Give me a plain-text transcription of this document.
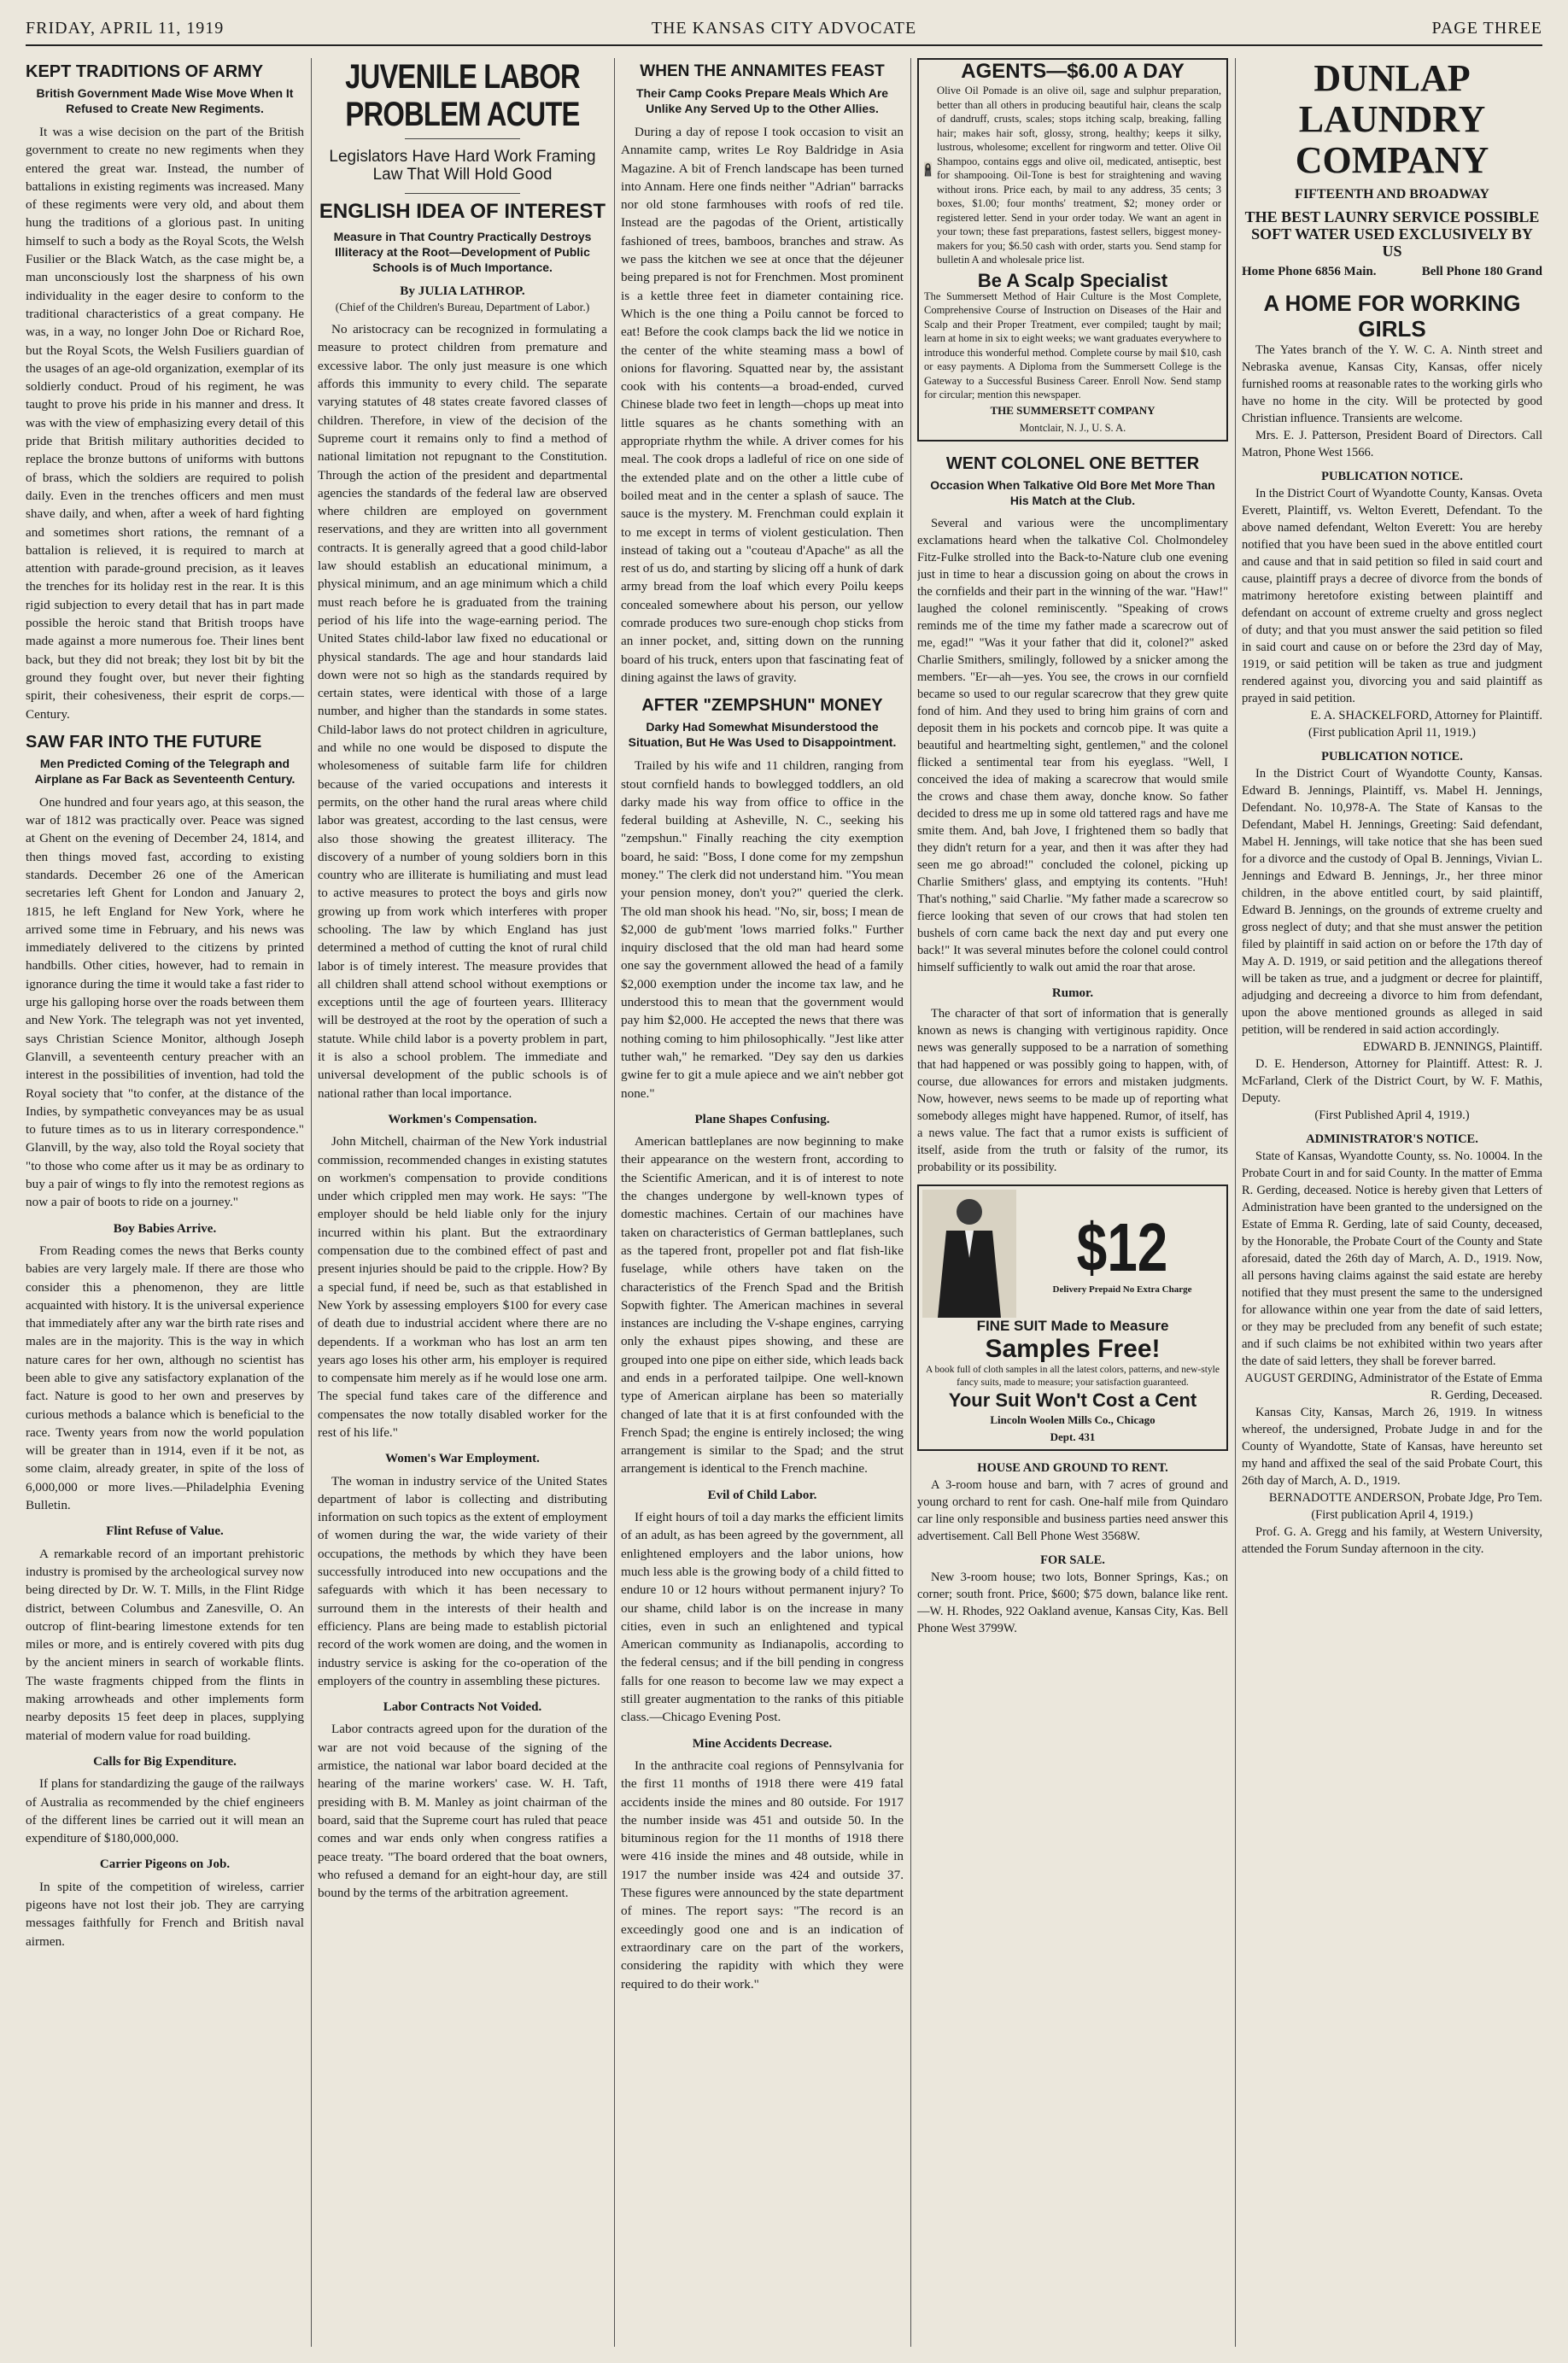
FRIDAY, APRIL 11, 1919	THE KANSAS CITY ADVOCATE	PAGE THREE
KEPT TRADITIONS OF ARMY
British Government Made Wise Move When It Refused to Create New Regiments.

It was a wise decision on the part of the British government to create no new regiments when they entered the great war. Instead, the number of battalions in existing regiments was increased. Many of these regiments were very old, and about them hung the traditions of a glorious past. In uniting himself to such a body as the Royal Scots, the Welsh Fusilier or the Black Watch, as the case might be, a man unconsciously lost the sharpness of his own individuality in the eager desire to conform to the traditional characteristics of a great company. He was, in a way, no longer John Doe or Richard Roe, but the Royal Scots, the Welsh Fusiliers guardian of the usages of an age-old organization, exemplar of its soldierly conduct. Proud of his regiment, he was taught to prove his pride in his manner and dress. It was with the view of emphasizing every detail of this pride that British military authorities decided to replace the bronze buttons of uniforms with buttons of brass, which the soldiers are required to polish daily. Even in the trenches officers and men must shave daily, and when, after a week of hard fighting and sometimes short rations, the remnant of a battalion is relieved, it is required to march at attention with parade-ground precision, as it leaves the trenches for its holiday rest in the rear. It is this rigid subjection to every detail that has in part made possible the heroic stand that British troops have made against a more numerous foe. Their lines bent back, but they did not break; they lost bit by bit the ground they fought over, but never their fighting spirit, their cohesiveness, their esprit de corps.—Century.

SAW FAR INTO THE FUTURE
Men Predicted Coming of the Telegraph and Airplane as Far Back as Seventeenth Century.

One hundred and four years ago, at this season, the war of 1812 was practically over. Peace was signed at Ghent on the evening of December 24, 1814, and then things moved fast, according to existing standards. December 26 one of the American secretaries left Ghent for London and January 2, 1815, he left England for New York, where he arrived some time in February, and his news was immediately delivered to the citizens by printed handbills. Other cities, however, had to remain in ignorance during the time it would take a fast rider to urge his galloping horse over the roads between them and New York. The telegraph was not yet invented, says Christian Science Monitor, although Joseph Glanvill, a seventeenth century preacher with an interest in the possibilities of invention, had told the Royal society that "to confer, at the distance of the Indies, by sympathetic conveyances may be as usual to future times as to us in literary correspondence." Glanvill, by the way, also told the Royal society that "to those who come after us it may be as ordinary to buy a pair of wings to fly into the remotest regions as now a pair of boots to ride on a journey."

Boy Babies Arrive.

From Reading comes the news that Berks county babies are very largely male. If there are those who consider this a phenomenon, they are little acquainted with history. It is the universal experience that immediately after any war the birth rate rises and males are in the majority. This is the way in which nature cares for her own, although no scientist has been able to give any satisfactory explanation of the fact. Nature is good to her own and preserves by curious methods a balance which is beneficial to the race. Twenty years from now the world population will be greater than in 1914, even if it be not, as some claim, already greater, in spite of the loss of 6,000,000 or more lives.—Philadelphia Evening Bulletin.

Flint Refuse of Value.

A remarkable record of an important prehistoric industry is promised by the archeological survey now being directed by Dr. W. T. Mills, in the Flint Ridge district, between Columbus and Zanesville, O. An outcrop of flint-bearing limestone extends for ten miles or more, and is entirely covered with pits dug by the ancient miners in search of workable flints. The waste fragments chipped from the flints in making arrowheads and other implements form nearby deposits 15 feet deep in places, supplying material of modern value for road building.

Calls for Big Expenditure.

If plans for standardizing the gauge of the railways of Australia as recommended by the chief engineers of the different lines be carried out it will mean an expenditure of $180,000,000.

Carrier Pigeons on Job.

In spite of the competition of wireless, carrier pigeons have not lost their job. They are carrying messages faithfully for French and British naval airmen.

JUVENILE LABOR PROBLEM ACUTE
Legislators Have Hard Work Framing Law That Will Hold Good
ENGLISH IDEA OF INTEREST
Measure in That Country Practically Destroys Illiteracy at the Root—Development of Public Schools is of Much Importance.
By JULIA LATHROP.
(Chief of the Children's Bureau, Department of Labor.)

No aristocracy can be recognized in formulating a measure to protect children from premature and excessive labor. The only just measure is one which affords this immunity to every child. The separate varying statutes of 48 states create favored classes of children. Therefore, in view of the decision of the Supreme court it remains only to find a method of national limitation not repugnant to the Constitution. Through the action of the president and departmental agencies the standards of the federal law are observed where children are employed on government reservations, and they are written into all government contracts. It is generally agreed that a good child-labor law should establish an educational minimum, a physical minimum, and an age minimum which a child must reach before he is graduated from the training period of his life into the wage-earning period. The United States child-labor law fixed no educational or physical standards. The age and hour standards laid down were not so high as the standards required by certain states, were identical with those of a large number, and higher than the standards in some states. Child-labor laws do not protect children in agriculture, and while no one would be disposed to dispute the wholesomeness of suitable farm life for children because of the varied occupations and interests it permits, on the other hand the rural areas where child labor was greatest, according to the last census, were also those showing the greatest illiteracy. The discovery of a number of young soldiers born in this country who are illiterate is humiliating and must lead to active measures to protect the boys and girls now growing up from work which interferes with proper schooling. The law by which England has just determined a method of cutting the knot of rural child labor is of timely interest. The measure provides that all children shall attend school without exemptions or exceptions until the age of fourteen years. Illiteracy will be destroyed at the root by the operation of such a statute. While child labor is a poverty problem in part, it is also a school problem. The immediate and universal development of the public schools is of national rather than local importance.

Workmen's Compensation.

John Mitchell, chairman of the New York industrial commission, recommended changes in existing statutes on workmen's compensation to provide conditions under which crippled men may work. He says: "The employer should be held liable only for the injury incurred within his plant. But the extraordinary compensation due to the combined effect of past and present injuries should be paid to the cripple. How? By a special fund, if need be, such as that established in New York by assessing employers $100 for every case of death due to industrial accident where there are no dependents. If a workman who has lost an arm ten years ago loses his other arm, his employer is required to compensate him merely as if he would lose one arm. The special fund takes care of the difference and compensates the now totally disabled worker for the rest of his life."

Women's War Employment.

The woman in industry service of the United States department of labor is collecting and distributing information on such topics as the extent of employment of women during the war, the wide variety of their occupations, the methods by which they have been successfully introduced into new occupations and the safeguards with which it has been necessary to surround them in the interests of their health and efficiency. Plans are being made to establish pictorial record of the work women are doing, and the women in industry service is asking for the co-operation of the employers of the country in assembling these pictures.

Labor Contracts Not Voided.

Labor contracts agreed upon for the duration of the war are not void because of the signing of the armistice, the national war labor board decided at the hearing of the marine workers' case. W. H. Taft, presiding with B. M. Manley as joint chairman of the board, said that the Supreme court has ruled that peace comes and war ends only when congress ratifies a peace treaty. "The board ordered that the boat owners, who refused a demand for an eight-hour day, are still bound by the terms of the arbitration agreement.

WHEN THE ANNAMITES FEAST
Their Camp Cooks Prepare Meals Which Are Unlike Any Served Up to the Other Allies.

During a day of repose I took occasion to visit an Annamite camp, writes Le Roy Baldridge in Asia Magazine. A bit of French landscape has been turned into Annam. Here one finds neither "Adrian" barracks nor old stone farmhouses with roofs of red tile. Instead are the pagodas of the Orient, artistically fashioned of trees, bamboos, branches and straw. As we pass the kitchen we see at once that the déjeuner being prepared is not for Frenchmen. Most prominent is a kettle three feet in diameter containing rice. Which is the one thing a Poilu cannot be forced to eat! Before the cook clamps back the lid we notice in the center of the white steaming mass a bowl of onions for flavoring. Squatted near by, the assistant cook with his contents—a broad-ended, curved Chinese blade two feet in length—chops up meat into little squares as he chants something with an appropriate rhythm the while. A driver comes for his meal. The cook drops a ladleful of rice on one side of the extended plate and on the other a little cube of boiled meat and in the center a splash of sauce. The sauce is the mystery. M. Frenchman could explain it to me except in terms of violent gesticulation. Then instead of taking out a "couteau d'Apache" as all the rest of us do, and starting by slicing off a hunk of dark army bread from the loaf which every Poilu keeps concealed somewhere about his person, our yellow comrade produces two sure-enough chop sticks from an inner pocket, and, sitting down on the running board of his truck, enters upon that fascinating feat of dining against the laws of gravity.

AFTER "ZEMPSHUN" MONEY
Darky Had Somewhat Misunderstood the Situation, But He Was Used to Disappointment.

Trailed by his wife and 11 children, ranging from stout cornfield hands to bowlegged toddlers, an old darky made his way from office to office in the federal building at Asheville, N. C., seeking his "zempshun." Finally reaching the city exemption board, he said: "Boss, I done come for my zempshun money." The clerk did not understand him. "You mean your pension money, don't you?" queried the clerk. The old man shook his head. "No, sir, boss; I mean de $2,000 de gub'ment 'lows married folks." Further inquiry disclosed that the old man had heard some one say the government allowed the head of a family $2,000 exemption under the income tax law, and he understood this to mean that the government would pay him $2,000. He accepted the news that there was nothing coming to him philosophically. "Jest like atter tuther wah," he remarked. "Dey say den us darkies gwine fer to git a mule apiece and we ain't nebber got none."

Plane Shapes Confusing.

American battleplanes are now beginning to make their appearance on the western front, according to the Scientific American, and it is of interest to note the changes undergone by well-known types of domestic machines. Certain of our machines have taken on characteristics of German battleplanes, such as the tapered front, propeller pot and flat fish-like fuselage, while others have taken on the characteristics of the French Spad and the British Sopwith fighter. The American machines in several instances are including the V-shape engines, carrying only the exhaust pipes showing, and these are grouped into one pipe on either side, which leads back and ends in a perforated tailpipe. One well-known type of American airplane has been so materially changed of late that it is at first confounded with the French Spad; the engine is entirely inclosed; the wing arrangement is similar to the Spad; and the strut arrangement is identical to the French machine.

Evil of Child Labor.

If eight hours of toil a day marks the efficient limits of an adult, as has been agreed by the government, all enlightened employers and the labor unions, how much less able is the growing body of a child fitted to endure 10 or 12 hours without permanent injury? To our shame, child labor is on the increase in many cities, even in such an enlightened and typical American community as Indianapolis, according to the federal census; and if the bill pending in congress falls for one reason to become law we may expect a still greater augmentation to the ranks of this pitiable class.—Chicago Evening Post.

Mine Accidents Decrease.

In the anthracite coal regions of Pennsylvania for the first 11 months of 1918 there were 419 fatal accidents inside the mines and 80 outside. For 1917 the number inside was 451 and outside 50. In the bituminous region for the 11 months of 1918 there were 416 inside the mines and 48 outside, while in 1917 the number inside was 424 and outside 37. These figures were announced by the state department of mines. The report says: "The record is an exceedingly good one and is an indication of extraordinary care on the part of the workers, considering the rapidity with which they were required to do their work."

AGENTS—$6.00 A DAY
Olive Oil Pomade is an olive oil, sage and sulphur preparation, better than all others in producing beautiful hair, cleans the scalp of dandruff, crusts, scales; stops itching scalp, breaking, falling hair; makes hair soft, glossy, strong, healthy; keeps it silky, lustrous, wholesome; excellent for ringworm and tetter. Olive Oil Shampoo, contains eggs and olive oil, medicated, antiseptic, best for shampooing. Oil-Tone is best for straightening and waving without irons. Price each, by mail to any address, 35 cents; 3 boxes, $1.00; four months' treatment, $2; money order or registered letter. Send in your order today. We want an agent in your town; these fast preparations, fastest sellers, biggest money-makers for you; $6.50 cash with order, starts you. Send stamp for bulletin A and wholesale price list.
Be A Scalp Specialist
The Summersett Method of Hair Culture is the Most Complete, Comprehensive Course of Instruction on Diseases of the Hair and Scalp and their Proper Treatment, ever compiled; taught by mail; learn at home in six to eight weeks; we want graduates everywhere to introduce this wonderful method. Complete course by mail $10, cash or easy payments. A Diploma from the Summersett College is the Gateway to a Successful Business Career. Enroll Now. Send stamp for circular; mention this newspaper.
THE SUMMERSETT COMPANY
Montclair, N. J., U. S. A.
WENT COLONEL ONE BETTER
Occasion When Talkative Old Bore Met More Than His Match at the Club.

Several and various were the uncomplimentary exclamations heard when the talkative Col. Cholmondeley Fitz-Fulke strolled into the Back-to-Nature club one evening just in time to hear a discussion going on about the crows in the cornfields and their part in the winning of the war. "Haw!" laughed the colonel reminiscently. "Speaking of crows reminds me of the time my father made a scarecrow out of me, egad!" "Was it your father that did it, colonel?" asked Charlie Smithers, smilingly, followed by a snicker among the members. "Er—ah—yes. You see, the crows in our cornfield became so used to our regular scarecrow that they grew quite fond of him. And they used to bring him grains of corn and deposit them in his pockets and corncob pipe. It was quite a beautiful and heartmelting sight, gentlemen," and the colonel flicked a sentimental tear from his eyeglass. "Well, I conceived the idea of making a scarecrow that would smile the crows and chase them away, donche know. So father decided to dress me up in some old tattered rags and have me smite them. And, bah Jove, I frightened them so badly that they didn't return for a year, and then it was after they had seen me go abroad!" concluded the colonel, picking up Charlie Smithers' glass, and emptying its contents. "Huh! That's nothing," said Charlie. "My father made a scarecrow so fierce looking that seven of our crows that had stolen ten bushels of corn came back the next day and put every one back!" It was several minutes before the colonel could control himself sufficiently to walk out amid the roar that arose.

Rumor.

The character of that sort of information that is generally known as news is changing with vertiginous rapidity. Once news was generally supposed to be a narration of something that had happened or was possibly going to happen, with, of course, due allowances for errors and mistaken judgments. Now, however, news seems to be made up of reporting what somebody alleges might have happened. Rumor, of itself, has a news value. The fact that a rumor exists is sufficient of itself, aside from the truth or falsity of the rumor, its probability or its possibility.

$12
Delivery Prepaid No Extra Charge
FINE SUIT Made to Measure
Samples Free!
A book full of cloth samples in all the latest colors, patterns, and new-style fancy suits, made to measure; your satisfaction guaranteed.
Your Suit Won't Cost a Cent
Lincoln Woolen Mills Co., Chicago
Dept. 431
HOUSE AND GROUND TO RENT.

A 3-room house and barn, with 7 acres of ground and young orchard to rent for cash. One-half mile from Quindaro car line only responsible and business parties need answer this advertisement. Call Bell Phone West 3568W.

FOR SALE.

New 3-room house; two lots, Bonner Springs, Kas.; on corner; south front. Price, $600; $75 down, balance like rent.—W. H. Rhodes, 922 Oakland avenue, Kansas City, Kas. Bell Phone West 3799W.

DUNLAP LAUNDRY COMPANY
FIFTEENTH AND BROADWAY
THE BEST LAUNRY SERVICE POSSIBLE
SOFT WATER USED EXCLUSIVELY BY US
Home Phone 6856 Main.	Bell Phone 180 Grand
A HOME FOR WORKING GIRLS

The Yates branch of the Y. W. C. A. Ninth street and Nebraska avenue, Kansas City, Kansas, offer nicely furnished rooms at reasonable rates to the working girls who have no home in the city. Will be protected by good Christian influence. Transients are welcome.

Mrs. E. J. Patterson, President Board of Directors. Call Matron, Phone West 1566.

PUBLICATION NOTICE.

In the District Court of Wyandotte County, Kansas. Oveta Everett, Plaintiff, vs. Welton Everett, Defendant. To the above named defendant, Welton Everett: You are hereby notified that you have been sued in the above entitled court and cause and that in said petition so filed in said court and cause, plaintiff prays a decree of divorce from the bonds of matrimony heretofore existing between plaintiff and defendant on account of extreme cruelty and gross neglect of duty; and that you must answer the said petition so filed in said court and cause on or before the 23rd day of May, 1919, or said petition will be taken as true and judgment rendered against you, divorcing you and said plaintiff as prayed in said petition.

E. A. SHACKELFORD, Attorney for Plaintiff.
(First publication April 11, 1919.)
PUBLICATION NOTICE.

In the District Court of Wyandotte County, Kansas. Edward B. Jennings, Plaintiff, vs. Mabel H. Jennings, Defendant. No. 10,978-A. The State of Kansas to the Defendant, Mabel H. Jennings, Greeting: Said defendant, Mabel H. Jennings, will take notice that she has been sued for a divorce and the custody of Opal B. Jennings, Vivian L. Jennings and Edward B. Jennings, Jr., her three minor children, in the above entitled court, by said plaintiff, Edward B. Jennings, on the grounds of extreme cruelty and gross neglect of duty; and that she must answer the petition filed by plaintiff in said action on or before the 17th day of May A. D. 1919, or said petition and the allegations thereof will be taken as true, and a judgment or decree for plaintiff, adjudging and decreeing a divorce to him from defendant, upon the above mentioned grounds as alleged in said petition, will be rendered in said action accordingly.

EDWARD B. JENNINGS, Plaintiff.

D. E. Henderson, Attorney for Plaintiff. Attest: R. J. McFarland, Clerk of the District Court, by W. F. Mathis, Deputy.

(First Published April 4, 1919.)
ADMINISTRATOR'S NOTICE.

State of Kansas, Wyandotte County, ss. No. 10004. In the Probate Court in and for said County. In the matter of Emma R. Gerding, deceased. Notice is hereby given that Letters of Administration have been granted to the undersigned on the Estate of Emma R. Gerding, late of said County, deceased, by the Honorable, the Probate Court of the County and State aforesaid, dated the 26th day of March, A. D., 1919. Now, all persons having claims against the said estate are hereby notified that they must present the same to the undersigned for allowance within one year from the date of said letters, or they may be precluded from any benefit of such estate; and if such claims be not exhibited within two years after the date of said letters, they shall be forever barred.

AUGUST GERDING, Administrator of the Estate of Emma R. Gerding, Deceased.

Kansas City, Kansas, March 26, 1919. In witness whereof, the undersigned, Probate Judge in and for the County of Wyandotte, State of Kansas, have hereunto set my hand and affixed the seal of the said Probate Court, this 26th day of March, A. D., 1919.

BERNADOTTE ANDERSON, Probate Jdge, Pro Tem.
(First publication April 4, 1919.)

Prof. G. A. Gregg and his family, at Western University, attended the Forum Sunday afternoon in the city.
